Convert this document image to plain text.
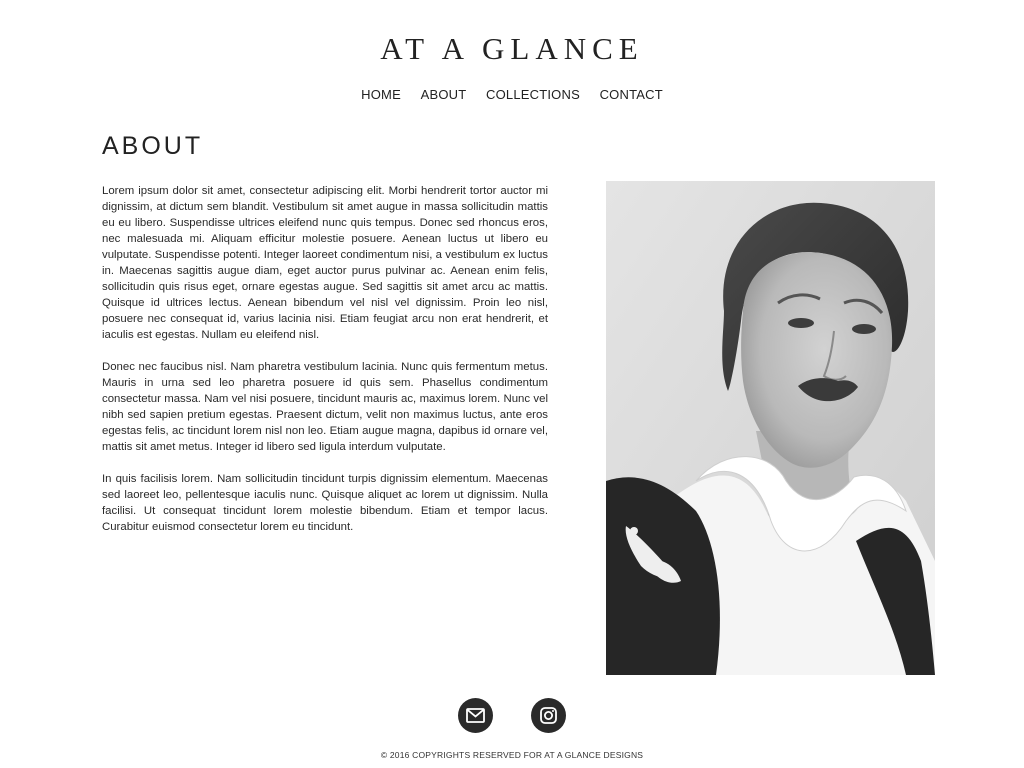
AT A GLANCE
HOME ABOUT COLLECTIONS CONTACT
ABOUT

Lorem ipsum dolor sit amet, consectetur adipiscing elit. Morbi hendrerit tortor auctor mi dignissim, at dictum sem blandit. Vestibulum sit amet augue in massa sollicitudin mattis eu eu libero. Suspendisse ultrices eleifend nunc quis tempus. Donec sed rhoncus eros, nec malesuada mi. Aliquam efficitur molestie posuere. Aenean luctus ut libero eu vulputate. Suspendisse potenti. Integer laoreet condimentum nisi, a vestibulum ex luctus in. Maecenas sagittis augue diam, eget auctor purus pulvinar ac. Aenean enim felis, sollicitudin quis risus eget, ornare egestas augue. Sed sagittis sit amet arcu ac mattis. Quisque id ultrices lectus. Aenean bibendum vel nisl vel dignissim. Proin leo nisl, posuere nec consequat id, varius lacinia nisi. Etiam feugiat arcu non erat hendrerit, et iaculis est egestas. Nullam eu eleifend nisl.

Donec nec faucibus nisl. Nam pharetra vestibulum lacinia. Nunc quis fermentum metus. Mauris in urna sed leo pharetra posuere id quis sem. Phasellus condimentum consectetur massa. Nam vel nisi posuere, tincidunt mauris ac, maximus lorem. Nunc vel nibh sed sapien pretium egestas. Praesent dictum, velit non maximus luctus, ante eros egestas felis, ac tincidunt lorem nisl non leo. Etiam augue magna, dapibus id ornare vel, mattis sit amet metus. Integer id libero sed ligula interdum vulputate.

In quis facilisis lorem. Nam sollicitudin tincidunt turpis dignissim elementum. Maecenas sed laoreet leo, pellentesque iaculis nunc. Quisque aliquet ac lorem ut dignissim. Nulla facilisi. Ut consequat tincidunt lorem molestie bibendum. Etiam et tempor lacus. Curabitur euismod consectetur lorem eu tincidunt.

© 2016 COPYRIGHTS RESERVED FOR AT A GLANCE DESIGNS
